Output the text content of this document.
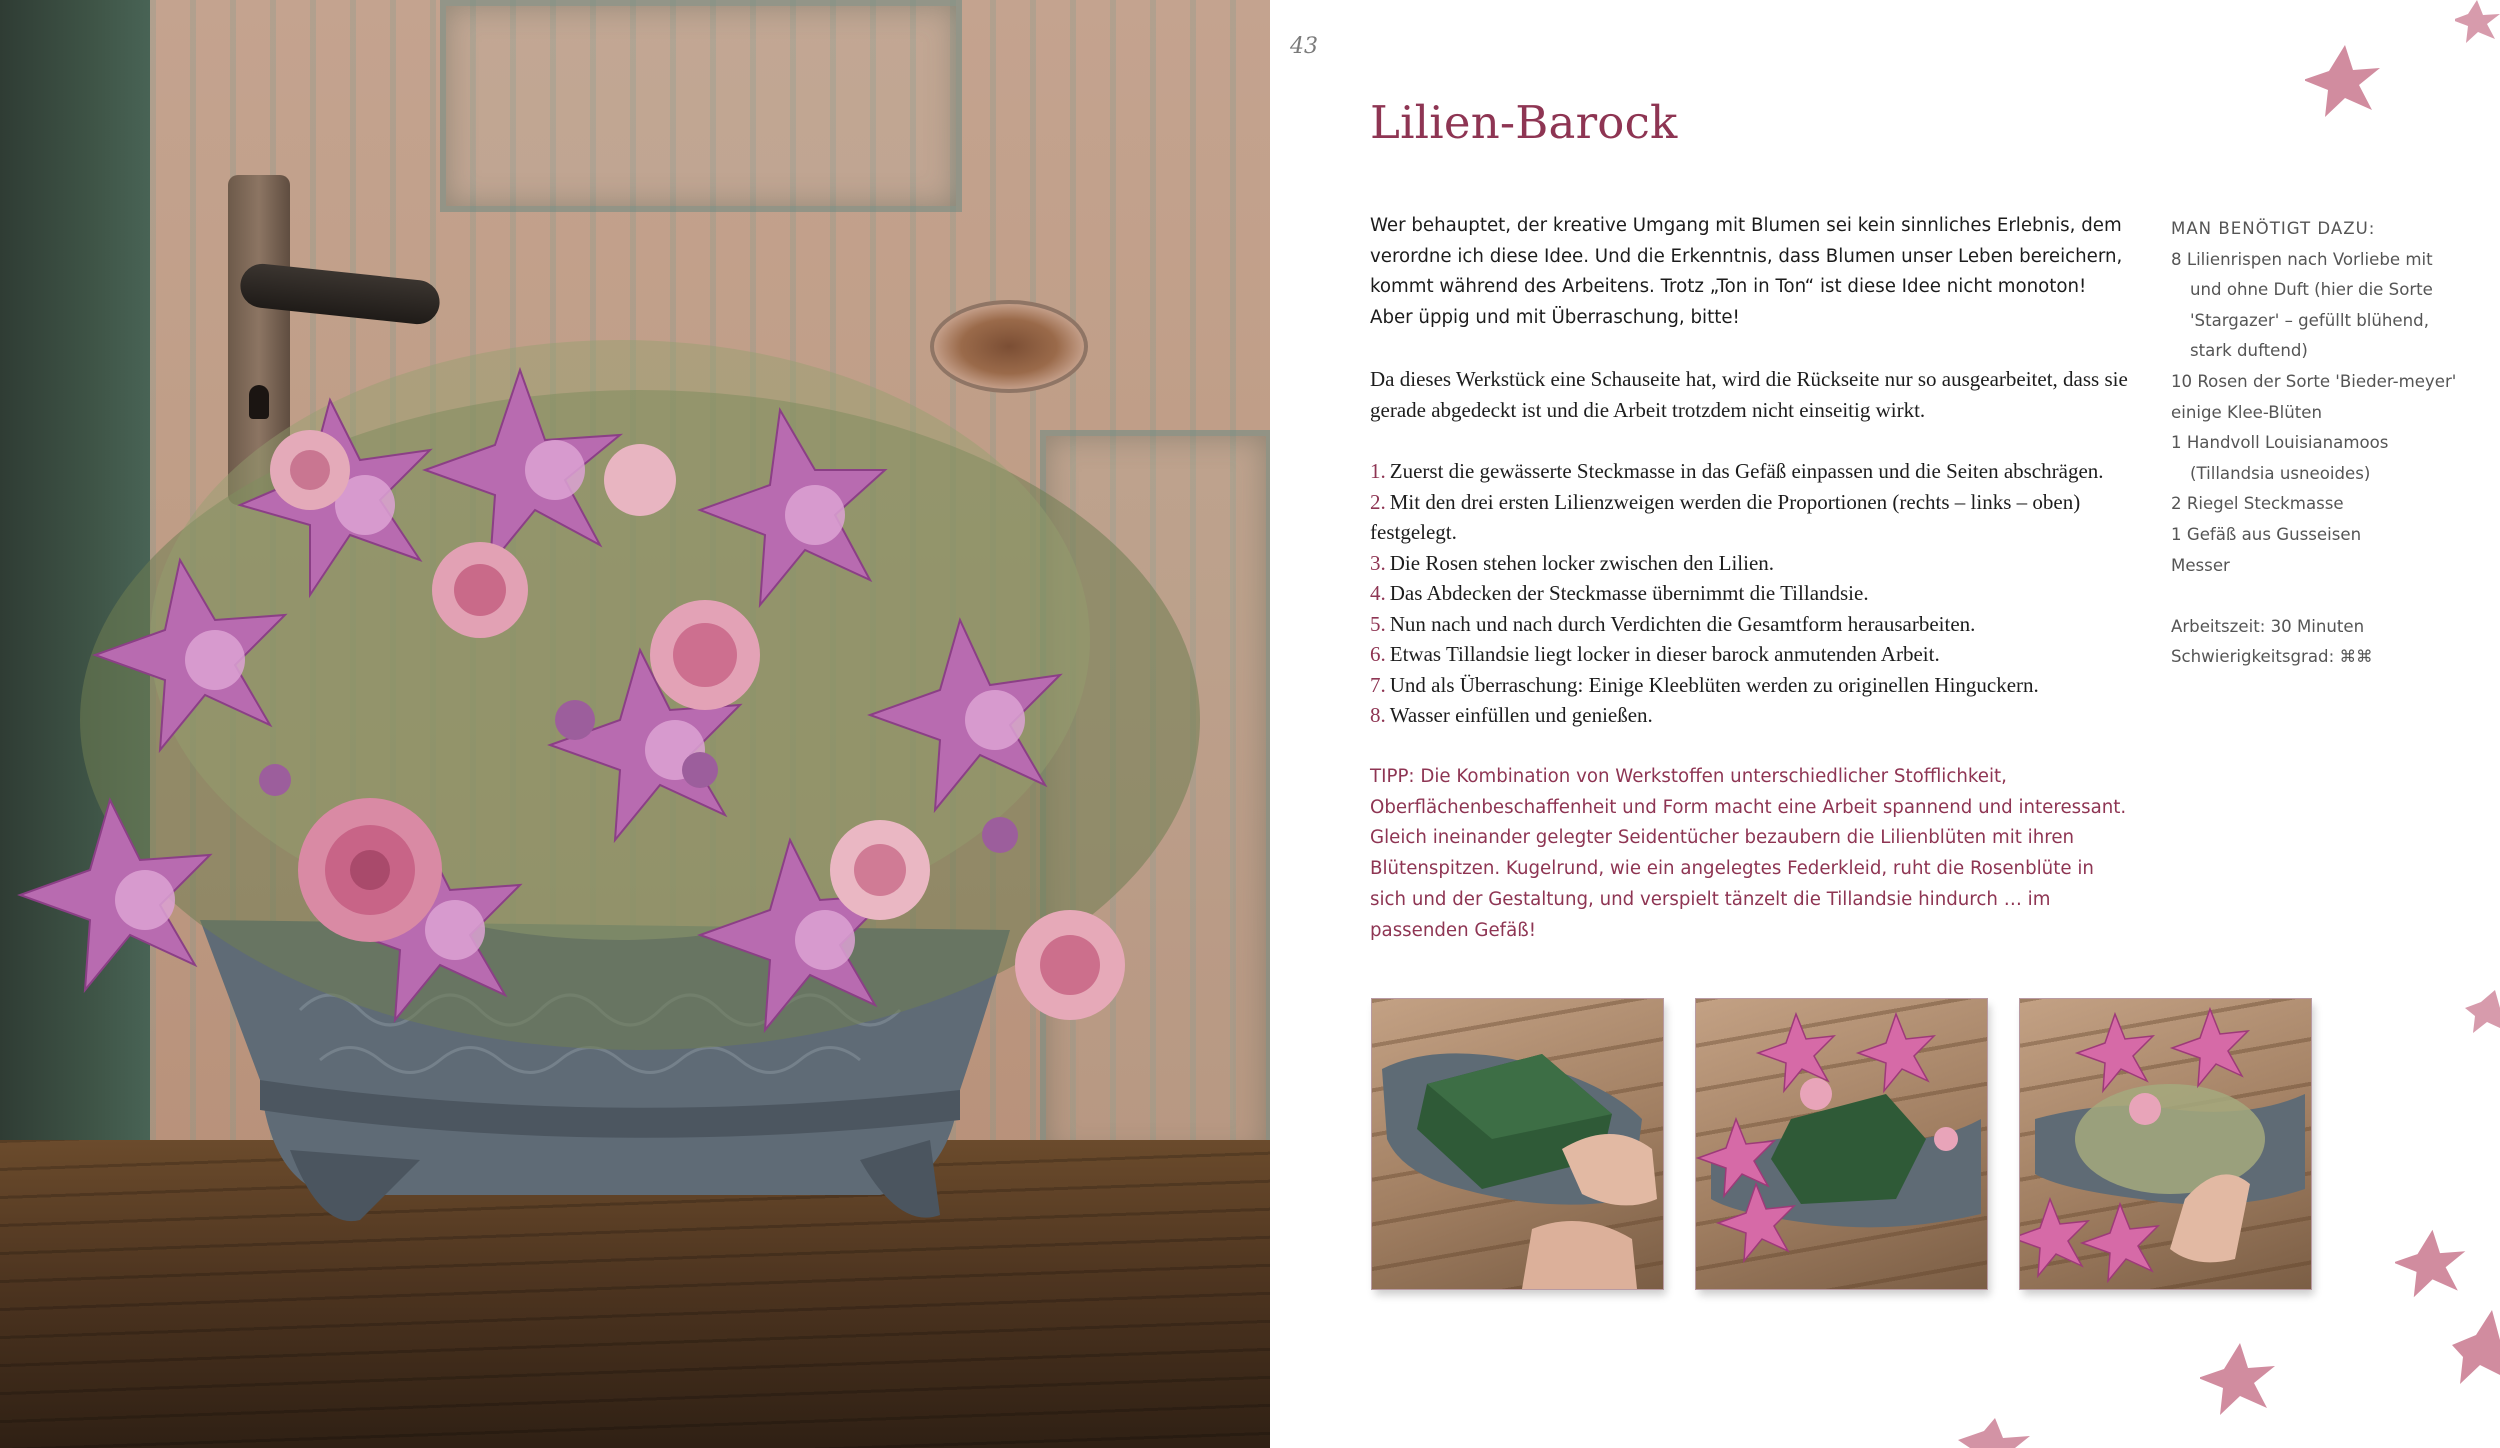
43
Lilien-Barock

Wer behauptet, der kreative Umgang mit Blumen sei kein sinnliches Erlebnis, dem verordne ich diese Idee. Und die Erkenntnis, dass Blumen unser Leben bereichern, kommt während des Arbeitens. Trotz „Ton in Ton“ ist diese Idee nicht monoton! Aber üppig und mit Überraschung, bitte!

Da dieses Werkstück eine Schauseite hat, wird die Rückseite nur so ausgearbeitet, dass sie gerade abgedeckt ist und die Arbeit trotzdem nicht einseitig wirkt.

1. Zuerst die gewässerte Steckmasse in das Gefäß einpassen und die Seiten abschrägen.
2. Mit den drei ersten Lilienzweigen werden die Proportionen (rechts – links – oben) festgelegt.
3. Die Rosen stehen locker zwischen den Lilien.
4. Das Abdecken der Steckmasse übernimmt die Tillandsie.
5. Nun nach und nach durch Verdichten die Gesamtform herausarbeiten.
6. Etwas Tillandsie liegt locker in dieser barock anmutenden Arbeit.
7. Und als Überraschung: Einige Kleeblüten werden zu originellen Hinguckern.
8. Wasser einfüllen und genießen.

TIPP: Die Kombination von Werkstoffen unterschiedlicher Stofflichkeit, Oberflächenbeschaffenheit und Form macht eine Arbeit spannend und interessant. Gleich ineinander gelegter Seidentücher bezaubern die Lilienblüten mit ihren Blütenspitzen. Kugelrund, wie ein angelegtes Federkleid, ruht die Rosenblüte in sich und der Gestaltung, und verspielt tänzelt die Tillandsie hindurch … im passenden Gefäß!

MAN BENÖTIGT DAZU:

8 Lilienrispen nach Vorliebe mit und ohne Duft (hier die Sorte 'Stargazer' – gefüllt blühend, stark duftend)
10 Rosen der Sorte 'Bieder-meyer'
einige Klee-Blüten
1 Handvoll Louisianamoos (Tillandsia usneoides)
2 Riegel Steckmasse
1 Gefäß aus Gusseisen
Messer

Arbeitszeit: 30 Minuten

Schwierigkeitsgrad: ⌘⌘
